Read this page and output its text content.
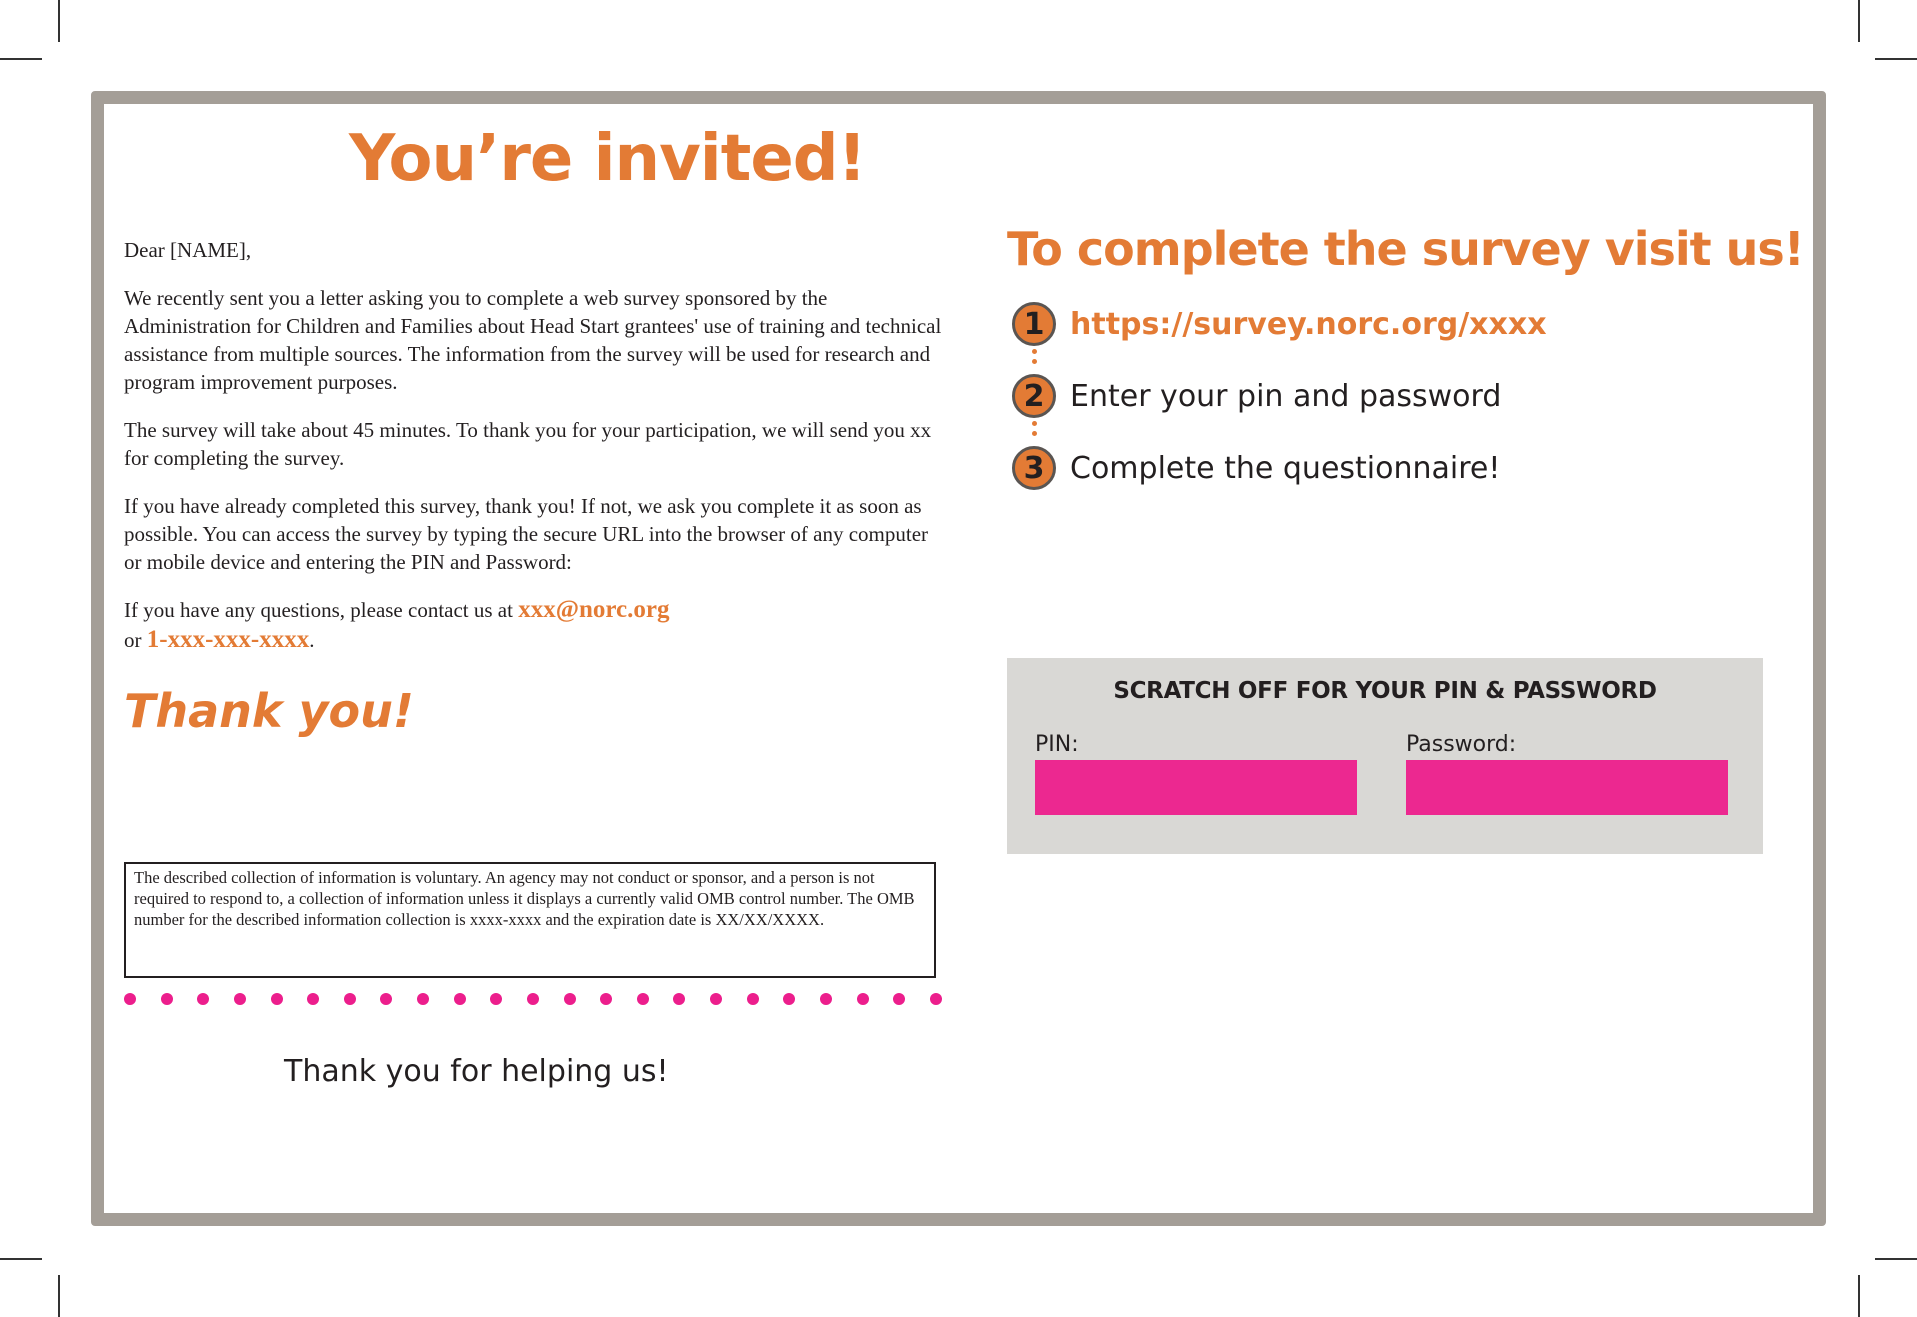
You’re invited!

Dear [NAME],

We recently sent you a letter asking you to complete a web survey sponsored by the Administration for Children and Families about Head Start grantees' use of training and technical assistance from multiple sources. The information from the survey will be used for research and program improvement purposes.

The survey will take about 45 minutes. To thank you for your participation, we will send you xx for completing the survey.

If you have already completed this survey, thank you! If not, we ask you complete it as soon as possible. You can access the survey by typing the secure URL into the browser of any computer or mobile device and entering the PIN and Password:

If you have any questions, please contact us at xxx@norc.org
or 1-xxx-xxx-xxxx.
Thank you!
The described collection of information is voluntary. An agency may not conduct or sponsor, and a person is not required to respond to, a collection of information unless it displays a currently valid OMB control number. The OMB number for the described information collection is xxxx-xxxx and the expiration date is XX/XX/XXXX.
Thank you for helping us!
To complete the survey visit us!
1 https://survey.norc.org/xxxx
2 Enter your pin and password
3 Complete the questionnaire!
SCRATCH OFF FOR YOUR PIN & PASSWORD
PIN:	Password:
